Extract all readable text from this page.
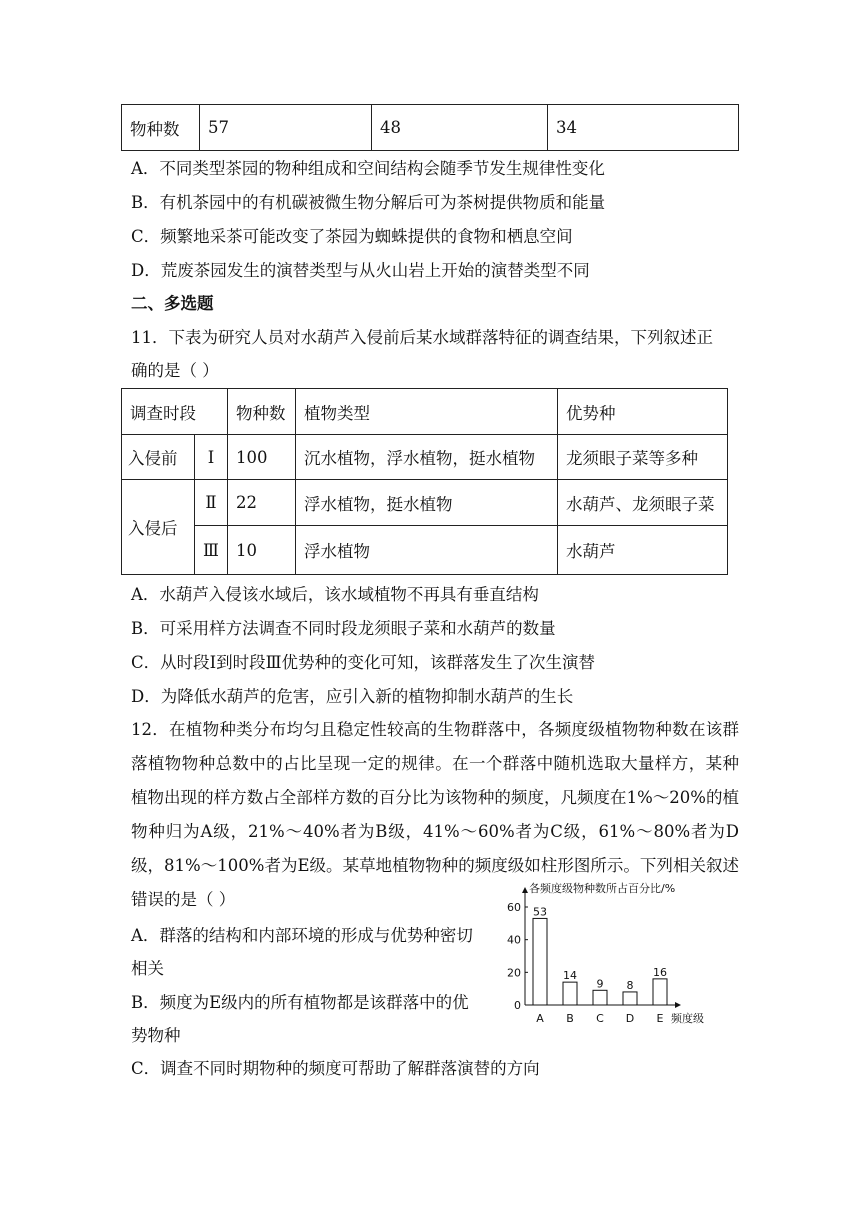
物种数	57	48	34
A．不同类型茶园的物种组成和空间结构会随季节发生规律性变化
B．有机茶园中的有机碳被微生物分解后可为茶树提供物质和能量
C．频繁地采茶可能改变了茶园为蜘蛛提供的食物和栖息空间
D．荒废茶园发生的演替类型与从火山岩上开始的演替类型不同
二、多选题
11．下表为研究人员对水葫芦入侵前后某水域群落特征的调查结果，下列叙述正
确的是（ ）
调查时段		物种数	植物类型	优势种
入侵前	Ⅰ	100	沉水植物，浮水植物，挺水植物	龙须眼子菜等多种
入侵后	Ⅱ	22	浮水植物，挺水植物	水葫芦、龙须眼子菜
	Ⅲ	10	浮水植物	水葫芦
A．水葫芦入侵该水域后，该水域植物不再具有垂直结构
B．可采用样方法调查不同时段龙须眼子菜和水葫芦的数量
C．从时段Ⅰ到时段Ⅲ优势种的变化可知，该群落发生了次生演替
D．为降低水葫芦的危害，应引入新的植物抑制水葫芦的生长
12．在植物种类分布均匀且稳定性较高的生物群落中，各频度级植物物种数在该群落植物物种总数中的占比呈现一定的规律。在一个群落中随机选取大量样方，某种植物出现的样方数占全部样方数的百分比为该物种的频度，凡频度在1%～20%的植物种归为A级，21%～40%者为B级，41%～60%者为C级，61%～80%者为D级，81%～100%者为E级。某草地植物物种的频度级如柱形图所示。下列相关叙述错误的是（ ）
A．群落的结构和内部环境的形成与优势种密切
相关
B．频度为E级内的所有植物都是该群落中的优
势物种
C．调查不同时期物种的频度可帮助了解群落演替的方向
0
20
40
60 53
A
14
B
9
C
8
D
16
E
各频度级物种数所占百分比/%
频度级
